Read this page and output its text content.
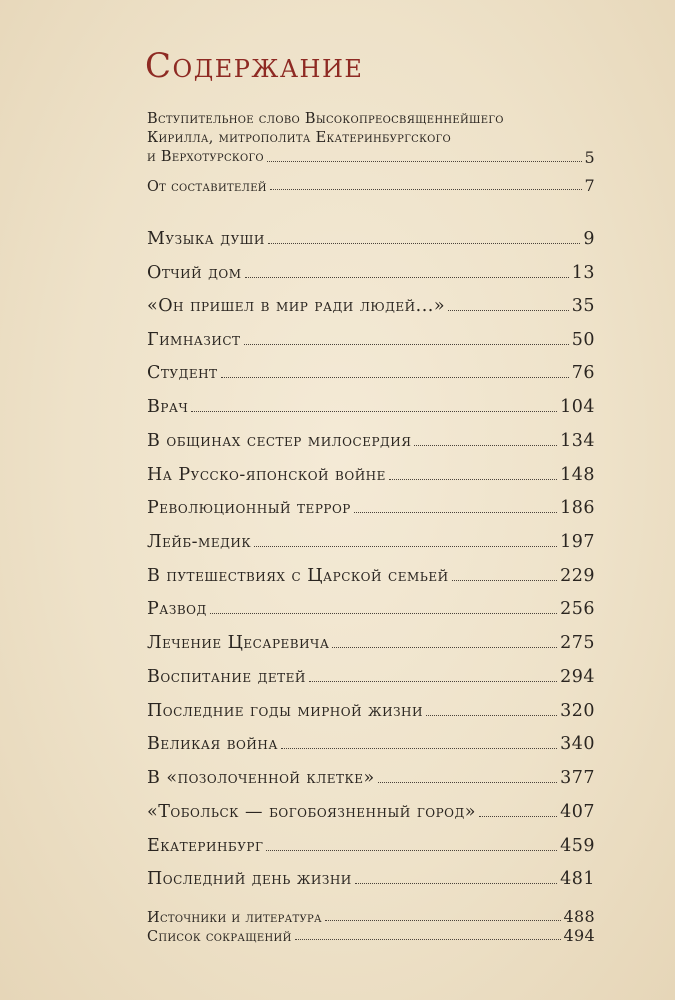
Содержание
Вступительное слово Высокопреосвященнейшего
Кирилла, митрополита Екатеринбургского
и Верхотурского	5
От составителей	7
Музыка души	9
Отчий дом	13
«Он пришел в мир ради людей...»	35
Гимназист	50
Студент	76
Врач	104
В общинах сестер милосердия	134
На Русско-японской войне	148
Революционный террор	186
Лейб-медик	197
В путешествиях с Царской семьей	229
Развод	256
Лечение Цесаревича	275
Воспитание детей	294
Последние годы мирной жизни	320
Великая война	340
В «позолоченной клетке»	377
«Тобольск — богобоязненный город»	407
Екатеринбург	459
Последний день жизни	481
Источники и литература	488
Список сокращений	494
